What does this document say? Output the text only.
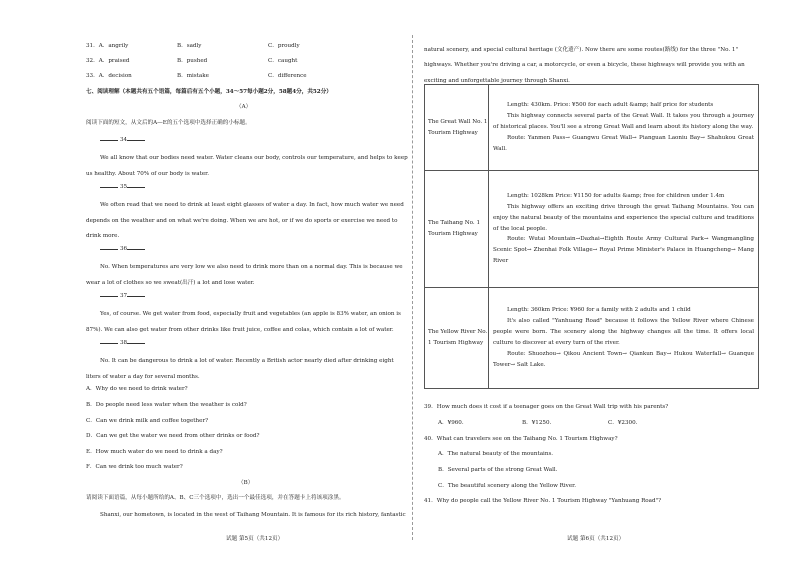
31．A．angrily	B．sadly	C．proudly
32．A．praised	B．pushed	C．caught
33．A．decision	B．mistake	C．difference
七、阅读理解（本题共有五个语篇，每篇后有五个小题，34～57每小题2分，58题4分，共52分）
（A）
阅读下面的短文，从文后的A—E的五个选项中选择正确的小标题。
34
We all know that our bodies need water. Water cleans our body, controls our temperature, and helps to keep us healthy. About 70% of our body is water.
35
We often read that we need to drink at least eight glasses of water a day. In fact, how much water we need depends on the weather and on what we're doing. When we are hot, or if we do sports or exercise we need to drink more.
36
No. When temperatures are very low we also need to drink more than on a normal day. This is because we wear a lot of clothes so we sweat(出汗) a lot and lose water.
37
Yes, of course. We get water from food, especially fruit and vegetables (an apple is 83% water, an onion is 87%). We can also get water from other drinks like fruit juice, coffee and colas, which contain a lot of water.
38
No. It can be dangerous to drink a lot of water. Recently a British actor nearly died after drinking eight liters of water a day for several months.
A．Why do we need to drink water?
B．Do people need less water when the weather is cold?
C．Can we drink milk and coffee together?
D．Can we get the water we need from other drinks or food?
E．How much water do we need to drink a day?
F．Can we drink too much water?
（B）
请阅读下面语篇，从每小题所给的A、B、C三个选项中，选出一个最佳选项，并在答题卡上将该项涂黑。
Shanxi, our hometown, is located in the west of Taihang Mountain. It is famous for its rich history, fantastic
试题 第5页（共12页）
natural scenery, and special cultural heritage (文化遗产). Now there are some routes(路线) for the three "No. 1" highways. Whether you're driving a car, a motorcycle, or even a bicycle, these highways will provide you with an exciting and unforgettable journey through Shanxi.
The Great Wall No. 1 Tourism Highway	Length: 430km. Price: ¥500 for each adult &amp; half price for students

This highway connects several parts of the Great Wall. It takes you through a journey of historical places. You'll see a strong Great Wall and learn about its history along the way.

Route: Yanmen Pass→ Guangwu Great Wall→ Pianguan Laoniu Bay→ Shahukou Great Wall.

The Taihang No. 1 Tourism Highway	Length: 1028km Price: ¥1150 for adults &amp; free for children under 1.4m

This highway offers an exciting drive through the great Taihang Mountains. You can enjoy the natural beauty of the mountains and experience the special culture and traditions of the local people.

Route: Wutai Mountain→Dazhai→Eighth Route Army Cultural Park→ Wangmangling Scenic Spot→ Zhenhai Folk Village→ Royal Prime Minister's Palace in Huangcheng→ Mang River

The Yellow River No. 1 Tourism Highway	Length: 360km Price: ¥960 for a family with 2 adults and 1 child

It's also called "Yanhuang Road" because it follows the Yellow River where Chinese people were born. The scenery along the highway changes all the time. It offers local culture to discover at every turn of the river.

Route: Shuozhou→ Qikou Ancient Town→ Qiankun Bay→ Hukou Waterfall→ Guanque Tower→ Salt Lake.

39．How much does it cost if a teenager goes on the Great Wall trip with his parents?
A．¥960.	B．¥1250.	C．¥2300.
40．What can travelers see on the Taihang No. 1 Tourism Highway?
A．The natural beauty of the mountains.
B．Several parts of the strong Great Wall.
C．The beautiful scenery along the Yellow River.
41．Why do people call the Yellow River No. 1 Tourism Highway "Yanhuang Road"?
试题 第6页（共12页）
